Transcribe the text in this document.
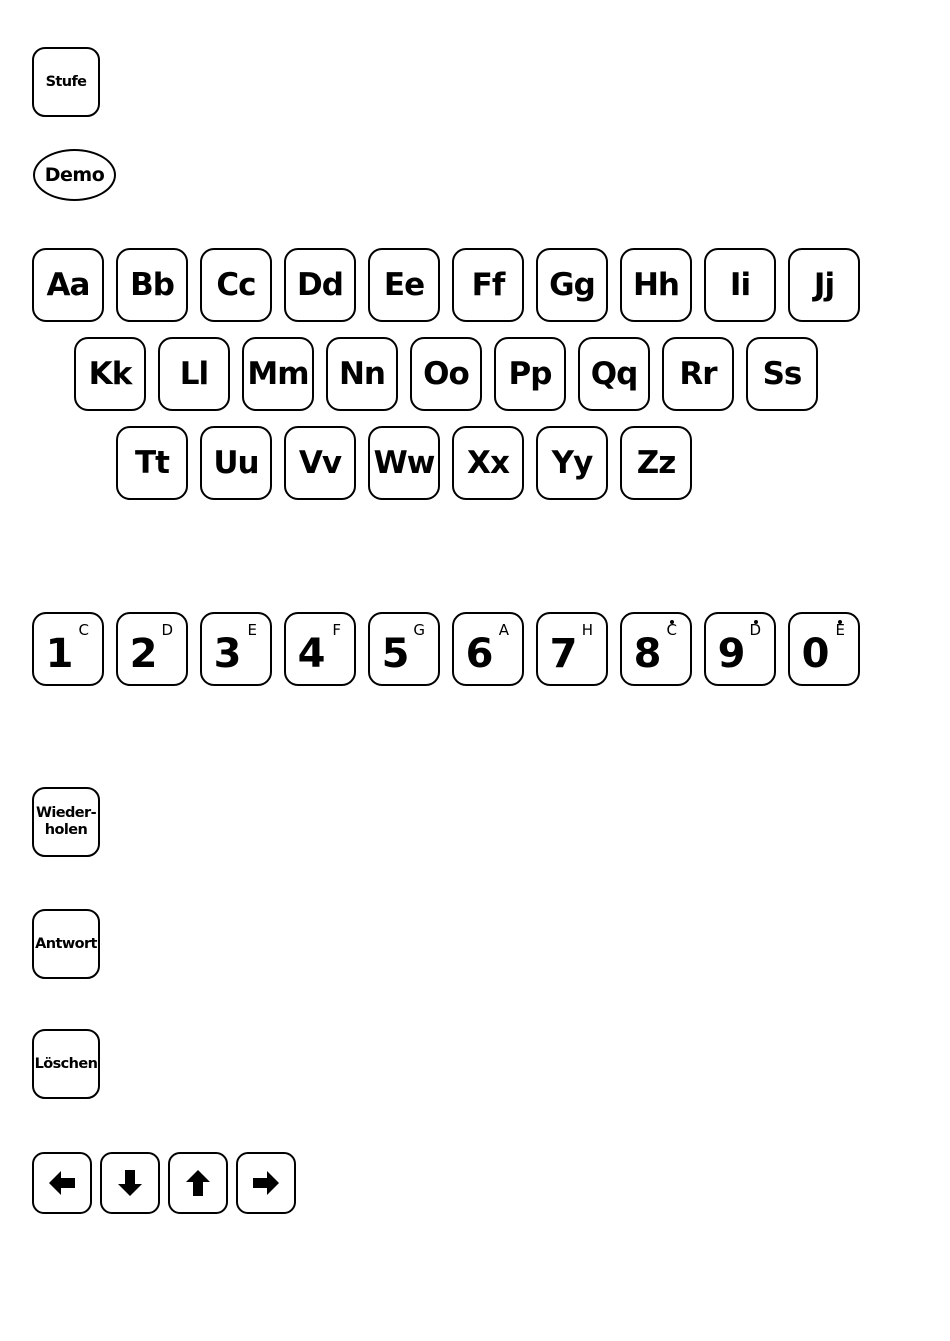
Stufe
Demo
Aa Bb Cc Dd Ee Ff Gg Hh Ii Jj
Kk Ll Mm Nn Oo Pp Qq Rr Ss
Tt Uu Vv Ww Xx Yy Zz
1
C
2
D
3
E
4
F
5
G
6
A
7
H
8
C
9
D
0
E
Wieder-
holen
Antwort
Löschen
